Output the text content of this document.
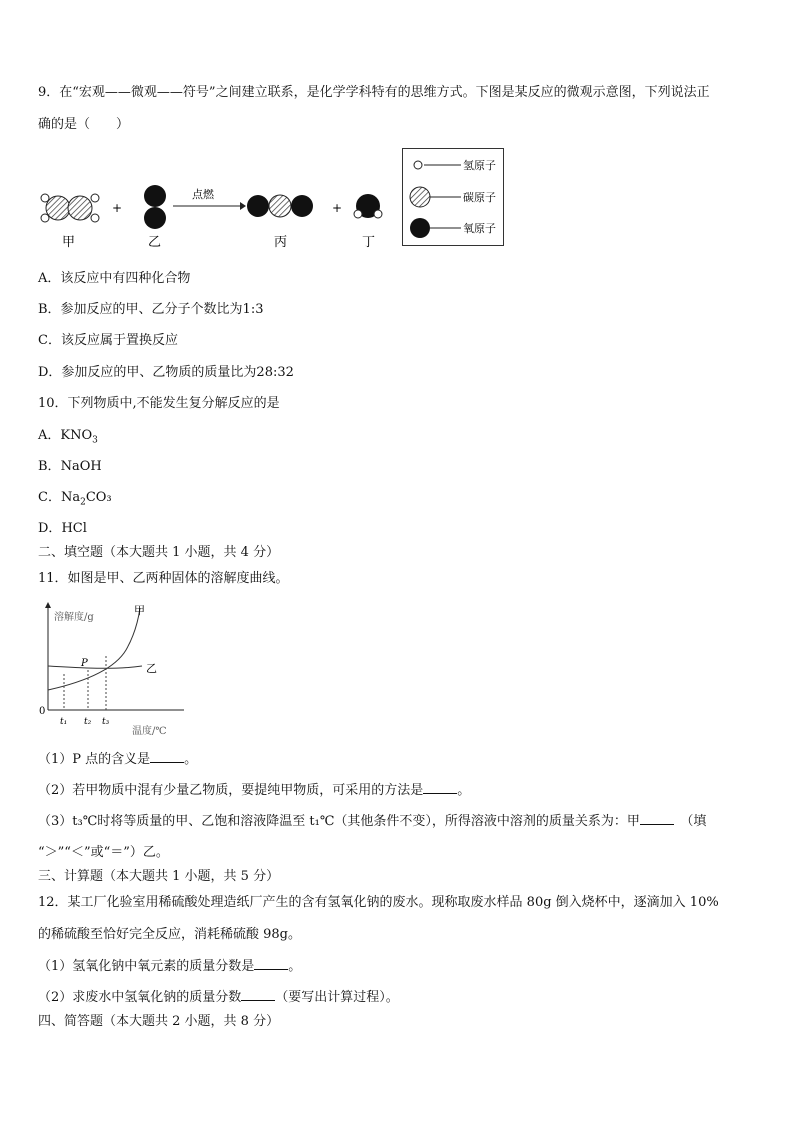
9．在“宏观——微观——符号”之间建立联系，是化学学科特有的思维方式。下图是某反应的微观示意图，下列说法正
确的是（　　）
甲
+
乙
点燃
丙
+
丁
氢原子
碳原子
氧原子
A．该反应中有四种化合物
B．参加反应的甲、乙分子个数比为1:3
C．该反应属于置换反应
D．参加反应的甲、乙物质的质量比为28:32
10．下列物质中,不能发生复分解反应的是
A．$KNO_3$
B．NaOH
C．$Na_2CO_3$
D．HCl
二、填空题（本大题共 1 小题，共 4 分）
11．如图是甲、乙两种固体的溶解度曲线。
溶解度/g
温度/℃
0
甲
乙
P
t₁ t₂ t₃
（1）P 点的含义是	。
（2）若甲物质中混有少量乙物质，要提纯甲物质，可采用的方法是	。
（3）t₃℃时将等质量的甲、乙饱和溶液降温至 t₁℃（其他条件不变），所得溶液中溶剂的质量关系为：甲　	（填
“＞”“＜”或“＝”）乙。
三、计算题（本大题共 1 小题，共 5 分）
12．某工厂化验室用稀硫酸处理造纸厂产生的含有氢氧化钠的废水。现称取废水样品 80g 倒入烧杯中，逐滴加入 10%
的稀硫酸至恰好完全反应，消耗稀硫酸 98g。
（1）氢氧化钠中氧元素的质量分数是	。
（2）求废水中氢氧化钠的质量分数	（要写出计算过程）。
四、简答题（本大题共 2 小题，共 8 分）
